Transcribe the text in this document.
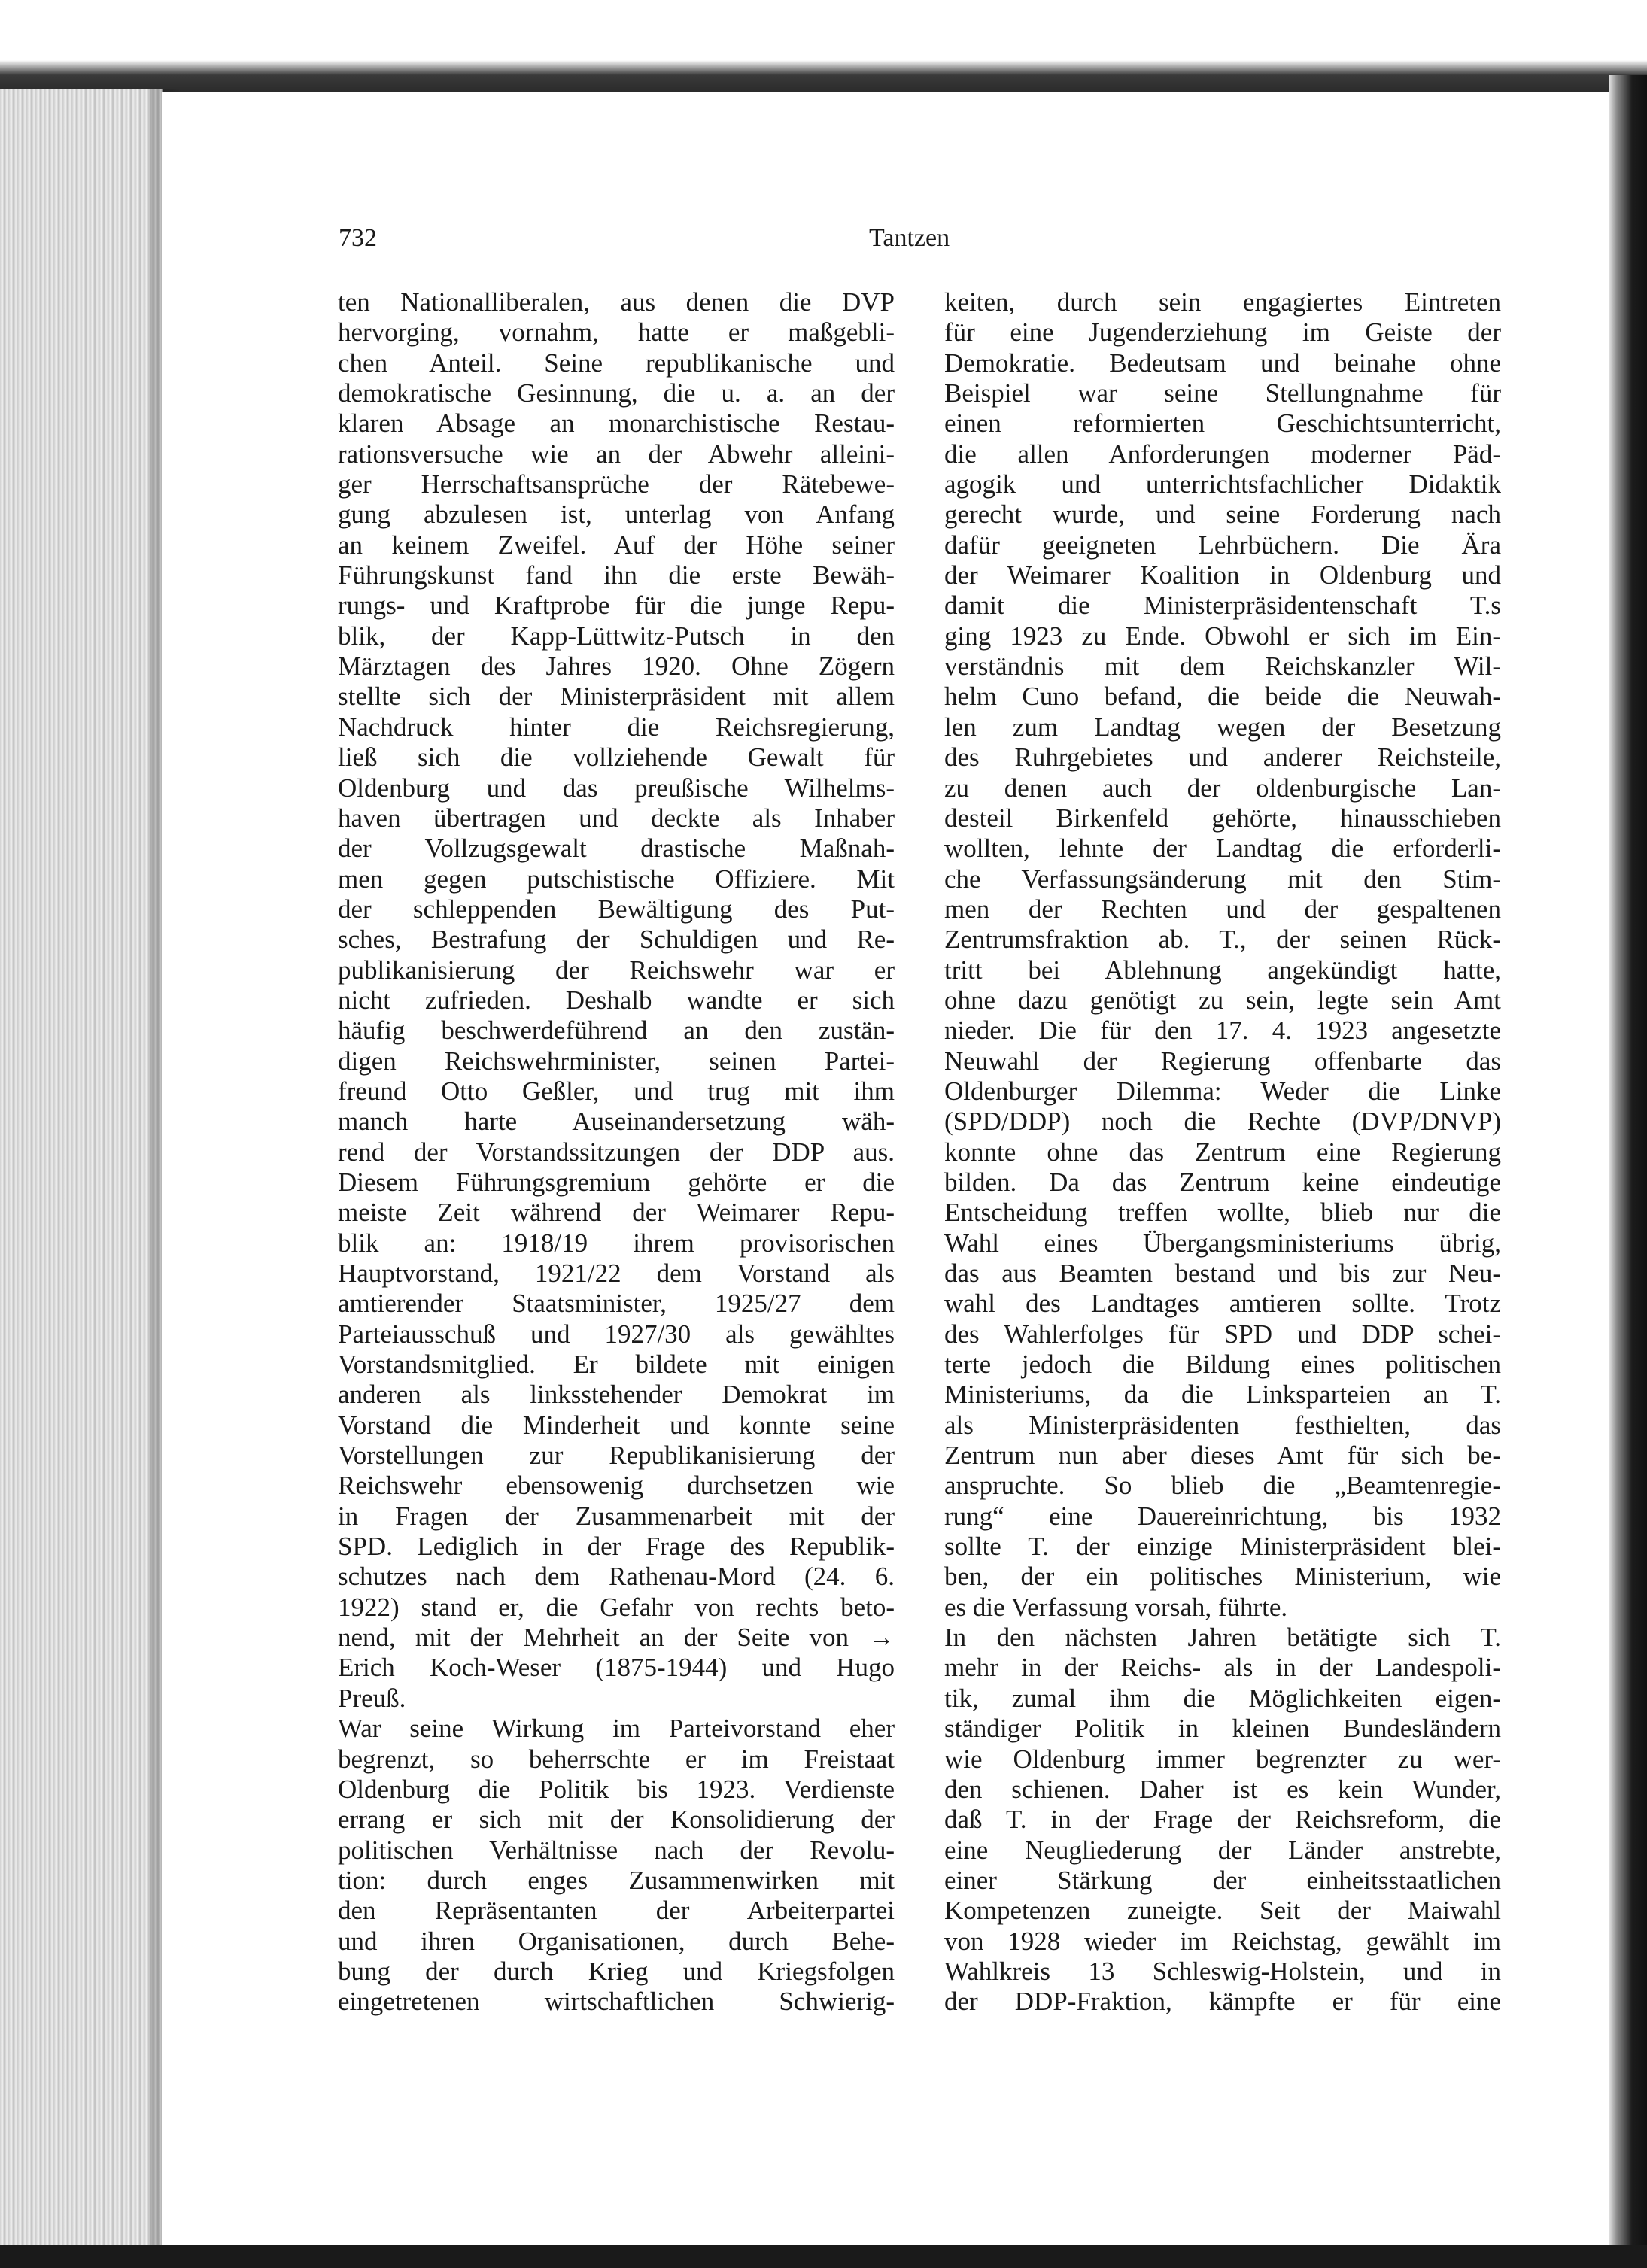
732	Tantzen
ten Nationalliberalen, aus denen die DVP
hervorging, vornahm, hatte er maßgebli-
chen Anteil. Seine republikanische und
demokratische Gesinnung, die u. a. an der
klaren Absage an monarchistische Restau-
rationsversuche wie an der Abwehr alleini-
ger Herrschaftsansprüche der Rätebewe-
gung abzulesen ist, unterlag von Anfang
an keinem Zweifel. Auf der Höhe seiner
Führungskunst fand ihn die erste Bewäh-
rungs- und Kraftprobe für die junge Repu-
blik, der Kapp-Lüttwitz-Putsch in den
Märztagen des Jahres 1920. Ohne Zögern
stellte sich der Ministerpräsident mit allem
Nachdruck hinter die Reichsregierung,
ließ sich die vollziehende Gewalt für
Oldenburg und das preußische Wilhelms-
haven übertragen und deckte als Inhaber
der Vollzugsgewalt drastische Maßnah-
men gegen putschistische Offiziere. Mit
der schleppenden Bewältigung des Put-
sches, Bestrafung der Schuldigen und Re-
publikanisierung der Reichswehr war er
nicht zufrieden. Deshalb wandte er sich
häufig beschwerdeführend an den zustän-
digen Reichswehrminister, seinen Partei-
freund Otto Geßler, und trug mit ihm
manch harte Auseinandersetzung wäh-
rend der Vorstandssitzungen der DDP aus.
Diesem Führungsgremium gehörte er die
meiste Zeit während der Weimarer Repu-
blik an: 1918/19 ihrem provisorischen
Hauptvorstand, 1921/22 dem Vorstand als
amtierender Staatsminister, 1925/27 dem
Parteiausschuß und 1927/30 als gewähltes
Vorstandsmitglied. Er bildete mit einigen
anderen als linksstehender Demokrat im
Vorstand die Minderheit und konnte seine
Vorstellungen zur Republikanisierung der
Reichswehr ebensowenig durchsetzen wie
in Fragen der Zusammenarbeit mit der
SPD. Lediglich in der Frage des Republik-
schutzes nach dem Rathenau-Mord (24. 6.
1922) stand er, die Gefahr von rechts beto-
nend, mit der Mehrheit an der Seite von →
Erich Koch-Weser (1875-1944) und Hugo
Preuß.
War seine Wirkung im Parteivorstand eher
begrenzt, so beherrschte er im Freistaat
Oldenburg die Politik bis 1923. Verdienste
errang er sich mit der Konsolidierung der
politischen Verhältnisse nach der Revolu-
tion: durch enges Zusammenwirken mit
den Repräsentanten der Arbeiterpartei
und ihren Organisationen, durch Behe-
bung der durch Krieg und Kriegsfolgen
eingetretenen wirtschaftlichen Schwierig-
keiten, durch sein engagiertes Eintreten
für eine Jugenderziehung im Geiste der
Demokratie. Bedeutsam und beinahe ohne
Beispiel war seine Stellungnahme für
einen reformierten Geschichtsunterricht,
die allen Anforderungen moderner Päd-
agogik und unterrichtsfachlicher Didaktik
gerecht wurde, und seine Forderung nach
dafür geeigneten Lehrbüchern. Die Ära
der Weimarer Koalition in Oldenburg und
damit die Ministerpräsidentenschaft T.s
ging 1923 zu Ende. Obwohl er sich im Ein-
verständnis mit dem Reichskanzler Wil-
helm Cuno befand, die beide die Neuwah-
len zum Landtag wegen der Besetzung
des Ruhrgebietes und anderer Reichsteile,
zu denen auch der oldenburgische Lan-
desteil Birkenfeld gehörte, hinausschieben
wollten, lehnte der Landtag die erforderli-
che Verfassungsänderung mit den Stim-
men der Rechten und der gespaltenen
Zentrumsfraktion ab. T., der seinen Rück-
tritt bei Ablehnung angekündigt hatte,
ohne dazu genötigt zu sein, legte sein Amt
nieder. Die für den 17. 4. 1923 angesetzte
Neuwahl der Regierung offenbarte das
Oldenburger Dilemma: Weder die Linke
(SPD/DDP) noch die Rechte (DVP/DNVP)
konnte ohne das Zentrum eine Regierung
bilden. Da das Zentrum keine eindeutige
Entscheidung treffen wollte, blieb nur die
Wahl eines Übergangsministeriums übrig,
das aus Beamten bestand und bis zur Neu-
wahl des Landtages amtieren sollte. Trotz
des Wahlerfolges für SPD und DDP schei-
terte jedoch die Bildung eines politischen
Ministeriums, da die Linksparteien an T.
als Ministerpräsidenten festhielten, das
Zentrum nun aber dieses Amt für sich be-
anspruchte. So blieb die „Beamtenregie-
rung“ eine Dauereinrichtung, bis 1932
sollte T. der einzige Ministerpräsident blei-
ben, der ein politisches Ministerium, wie
es die Verfassung vorsah, führte.
In den nächsten Jahren betätigte sich T.
mehr in der Reichs- als in der Landespoli-
tik, zumal ihm die Möglichkeiten eigen-
ständiger Politik in kleinen Bundesländern
wie Oldenburg immer begrenzter zu wer-
den schienen. Daher ist es kein Wunder,
daß T. in der Frage der Reichsreform, die
eine Neugliederung der Länder anstrebte,
einer Stärkung der einheitsstaatlichen
Kompetenzen zuneigte. Seit der Maiwahl
von 1928 wieder im Reichstag, gewählt im
Wahlkreis 13 Schleswig-Holstein, und in
der DDP-Fraktion, kämpfte er für eine
